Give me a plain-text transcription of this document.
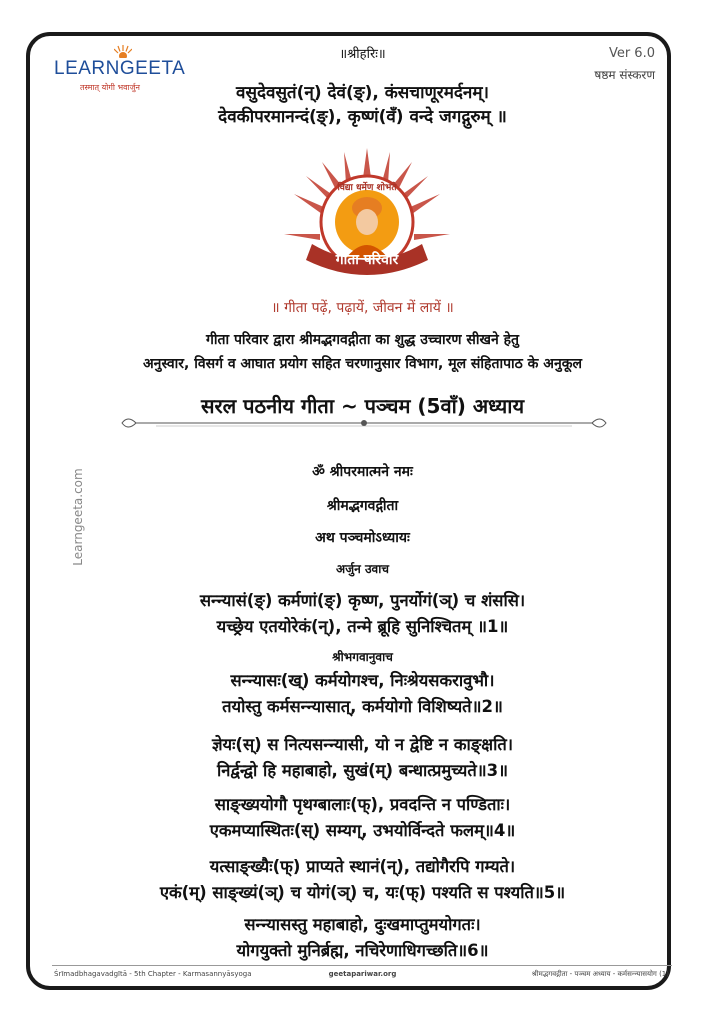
LEARNGEETA
तस्मात् योगी भवार्जुन
॥श्रीहरिः॥	Ver 6.0
षष्ठम संस्करण
वसुदेवसुतं(न्) देवं(ङ्), कंसचाणूरमर्दनम्।
देवकीपरमानन्दं(ङ्), कृष्णं(वँ) वन्दे जगद्गुरुम् ॥
गीता परिवार
विद्या धर्मेण शोभते
॥ गीता पढ़ें, पढ़ायें, जीवन में लायें ॥
गीता परिवार द्वारा श्रीमद्भगवद्गीता का शुद्ध उच्चारण सीखने हेतु
अनुस्वार, विसर्ग व आघात प्रयोग सहित चरणानुसार विभाग, मूल संहितापाठ के अनुकूल
सरल पठनीय गीता ~ पञ्चम (5वाँ) अध्याय
Learngeeta.com	ॐ श्रीपरमात्मने नमः
श्रीमद्भगवद्गीता
अथ पञ्चमोऽध्यायः
अर्जुन उवाच
सन्न्यासं(ङ्) कर्मणां(ङ्) कृष्ण, पुनर्योगं(ञ्) च शंससि।
यच्छ्रेय एतयोरेकं(न्), तन्मे ब्रूहि सुनिश्चितम् ॥1॥
श्रीभगवानुवाच
सन्न्यासः(ख्) कर्मयोगश्च, निःश्रेयसकरावुभौ।
तयोस्तु कर्मसन्न्यासात्, कर्मयोगो विशिष्यते॥2॥
ज्ञेयः(स्) स नित्यसन्न्यासी, यो न द्वेष्टि न काङ्क्षति।
निर्द्वन्द्वो हि महाबाहो, सुखं(म्) बन्धात्प्रमुच्यते॥3॥
साङ्ख्ययोगौ पृथग्बालाः(फ्), प्रवदन्ति न पण्डिताः।
एकमप्यास्थितः(स्) सम्यग्, उभयोर्विन्दते फलम्॥4॥
यत्साङ्ख्यैः(फ्) प्राप्यते स्थानं(न्), तद्योगैरपि गम्यते।
एकं(म्) साङ्ख्यं(ञ्) च योगं(ञ्) च, यः(फ्) पश्यति स पश्यति॥5॥
सन्न्यासस्तु महाबाहो, दुःखमाप्तुमयोगतः।
योगयुक्तो मुनिर्ब्रह्म, नचिरेणाधिगच्छति॥6॥
Śrīmadbhagavadgītā - 5th Chapter - Karmasannyāsyoga	geetapariwar.org	श्रीमद्भगवद्गीता - पञ्चम अध्याय - कर्मसन्न्यासयोग (1)
